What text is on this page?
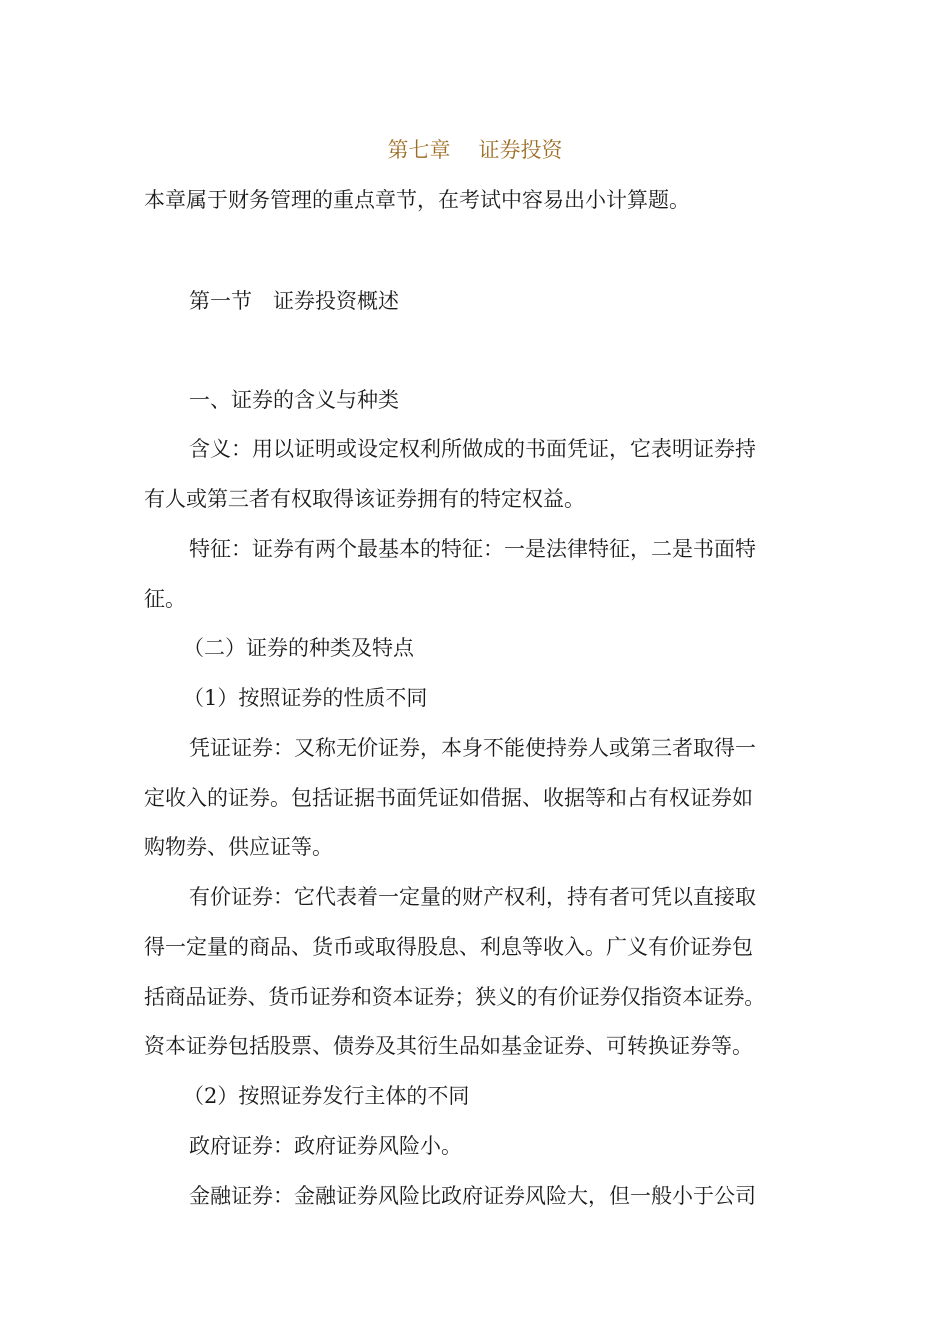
第七章 证券投资
本章属于财务管理的重点章节，在考试中容易出小计算题。
第一节　证券投资概述
一、证券的含义与种类
含义：用以证明或设定权利所做成的书面凭证，它表明证券持
有人或第三者有权取得该证券拥有的特定权益。
特征：证券有两个最基本的特征：一是法律特征，二是书面特
征。
（二）证券的种类及特点
（1）按照证券的性质不同
凭证证券：又称无价证券，本身不能使持券人或第三者取得一
定收入的证券。包括证据书面凭证如借据、收据等和占有权证券如
购物券、供应证等。
有价证券：它代表着一定量的财产权利，持有者可凭以直接取
得一定量的商品、货币或取得股息、利息等收入。广义有价证券包
括商品证券、货币证券和资本证券；狭义的有价证券仅指资本证券。
资本证券包括股票、债券及其衍生品如基金证券、可转换证券等。
（2）按照证券发行主体的不同
政府证券：政府证券风险小。
金融证券：金融证券风险比政府证券风险大，但一般小于公司
